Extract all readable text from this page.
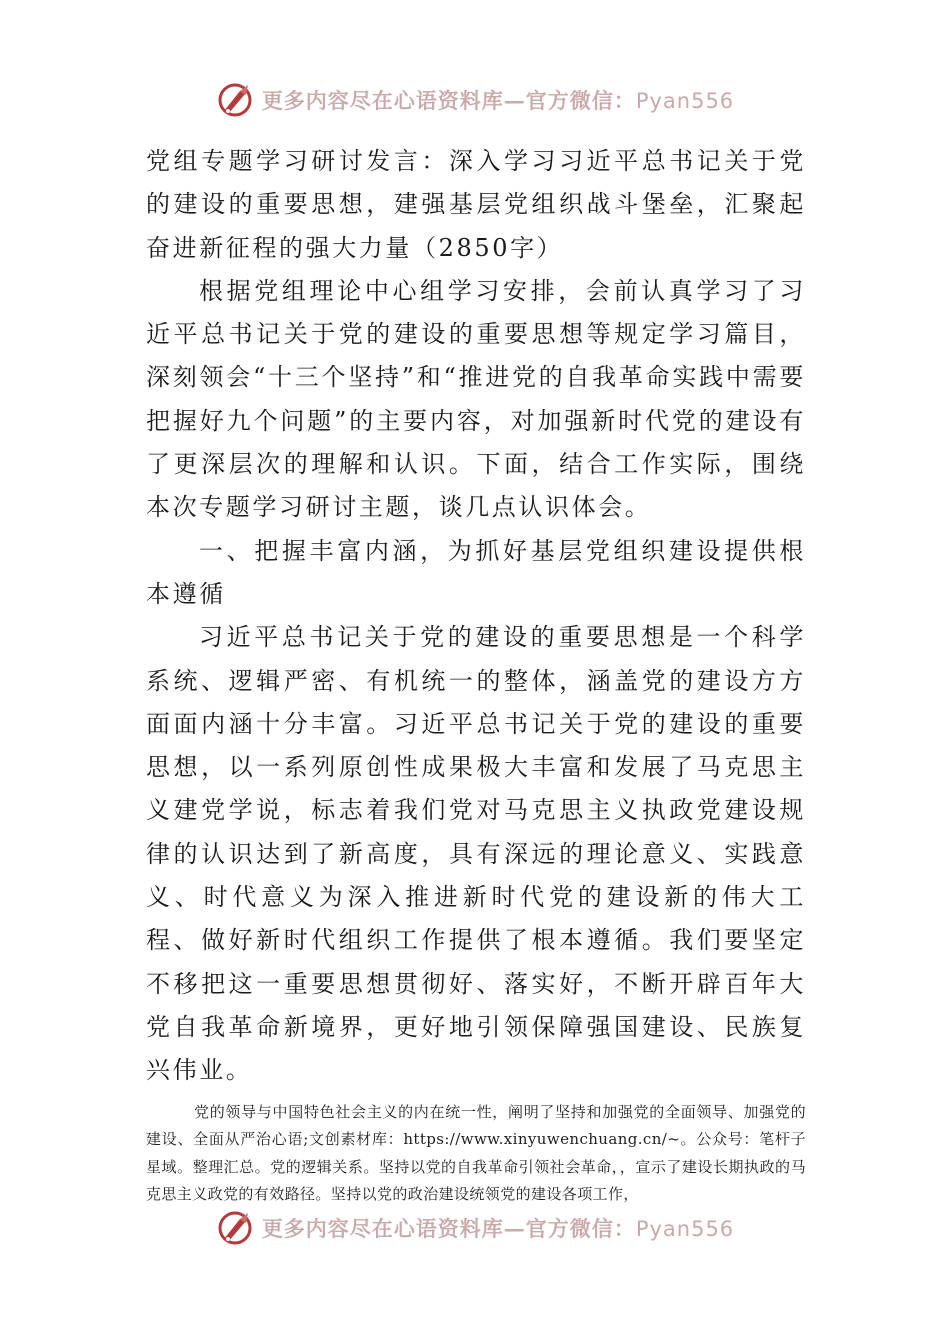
更多内容尽在心语资料库—官方微信：Pyan556

党组专题学习研讨发言：深入学习习近平总书记关于党的建设的重要思想，建强基层党组织战斗堡垒，汇聚起奋进新征程的强大力量（2850字）

根据党组理论中心组学习安排，会前认真学习了习近平总书记关于党的建设的重要思想等规定学习篇目，深刻领会“十三个坚持”和“推进党的自我革命实践中需要把握好九个问题”的主要内容，对加强新时代党的建设有了更深层次的理解和认识。下面，结合工作实际，围绕本次专题学习研讨主题，谈几点认识体会。

一、把握丰富内涵，为抓好基层党组织建设提供根本遵循

习近平总书记关于党的建设的重要思想是一个科学系统、逻辑严密、有机统一的整体，涵盖党的建设方方面面内涵十分丰富。习近平总书记关于党的建设的重要思想，以一系列原创性成果极大丰富和发展了马克思主义建党学说，标志着我们党对马克思主义执政党建设规律的认识达到了新高度，具有深远的理论意义、实践意义、时代意义为深入推进新时代党的建设新的伟大工程、做好新时代组织工作提供了根本遵循。我们要坚定不移把这一重要思想贯彻好、落实好，不断开辟百年大党自我革命新境界，更好地引领保障强国建设、民族复兴伟业。

党的领导与中国特色社会主义的内在统一性，阐明了坚持和加强党的全面领导、加强党的建设、全面从严治心语;文创素材库：https://www.xinyuwenchuang.cn/~。公众号：笔杆子星域。整理汇总。党的逻辑关系。坚持以党的自我革命引领社会革命，，宣示了建设长期执政的马克思主义政党的有效路径。坚持以党的政治建设统领党的建设各项工作，

更多内容尽在心语资料库—官方微信：Pyan556
